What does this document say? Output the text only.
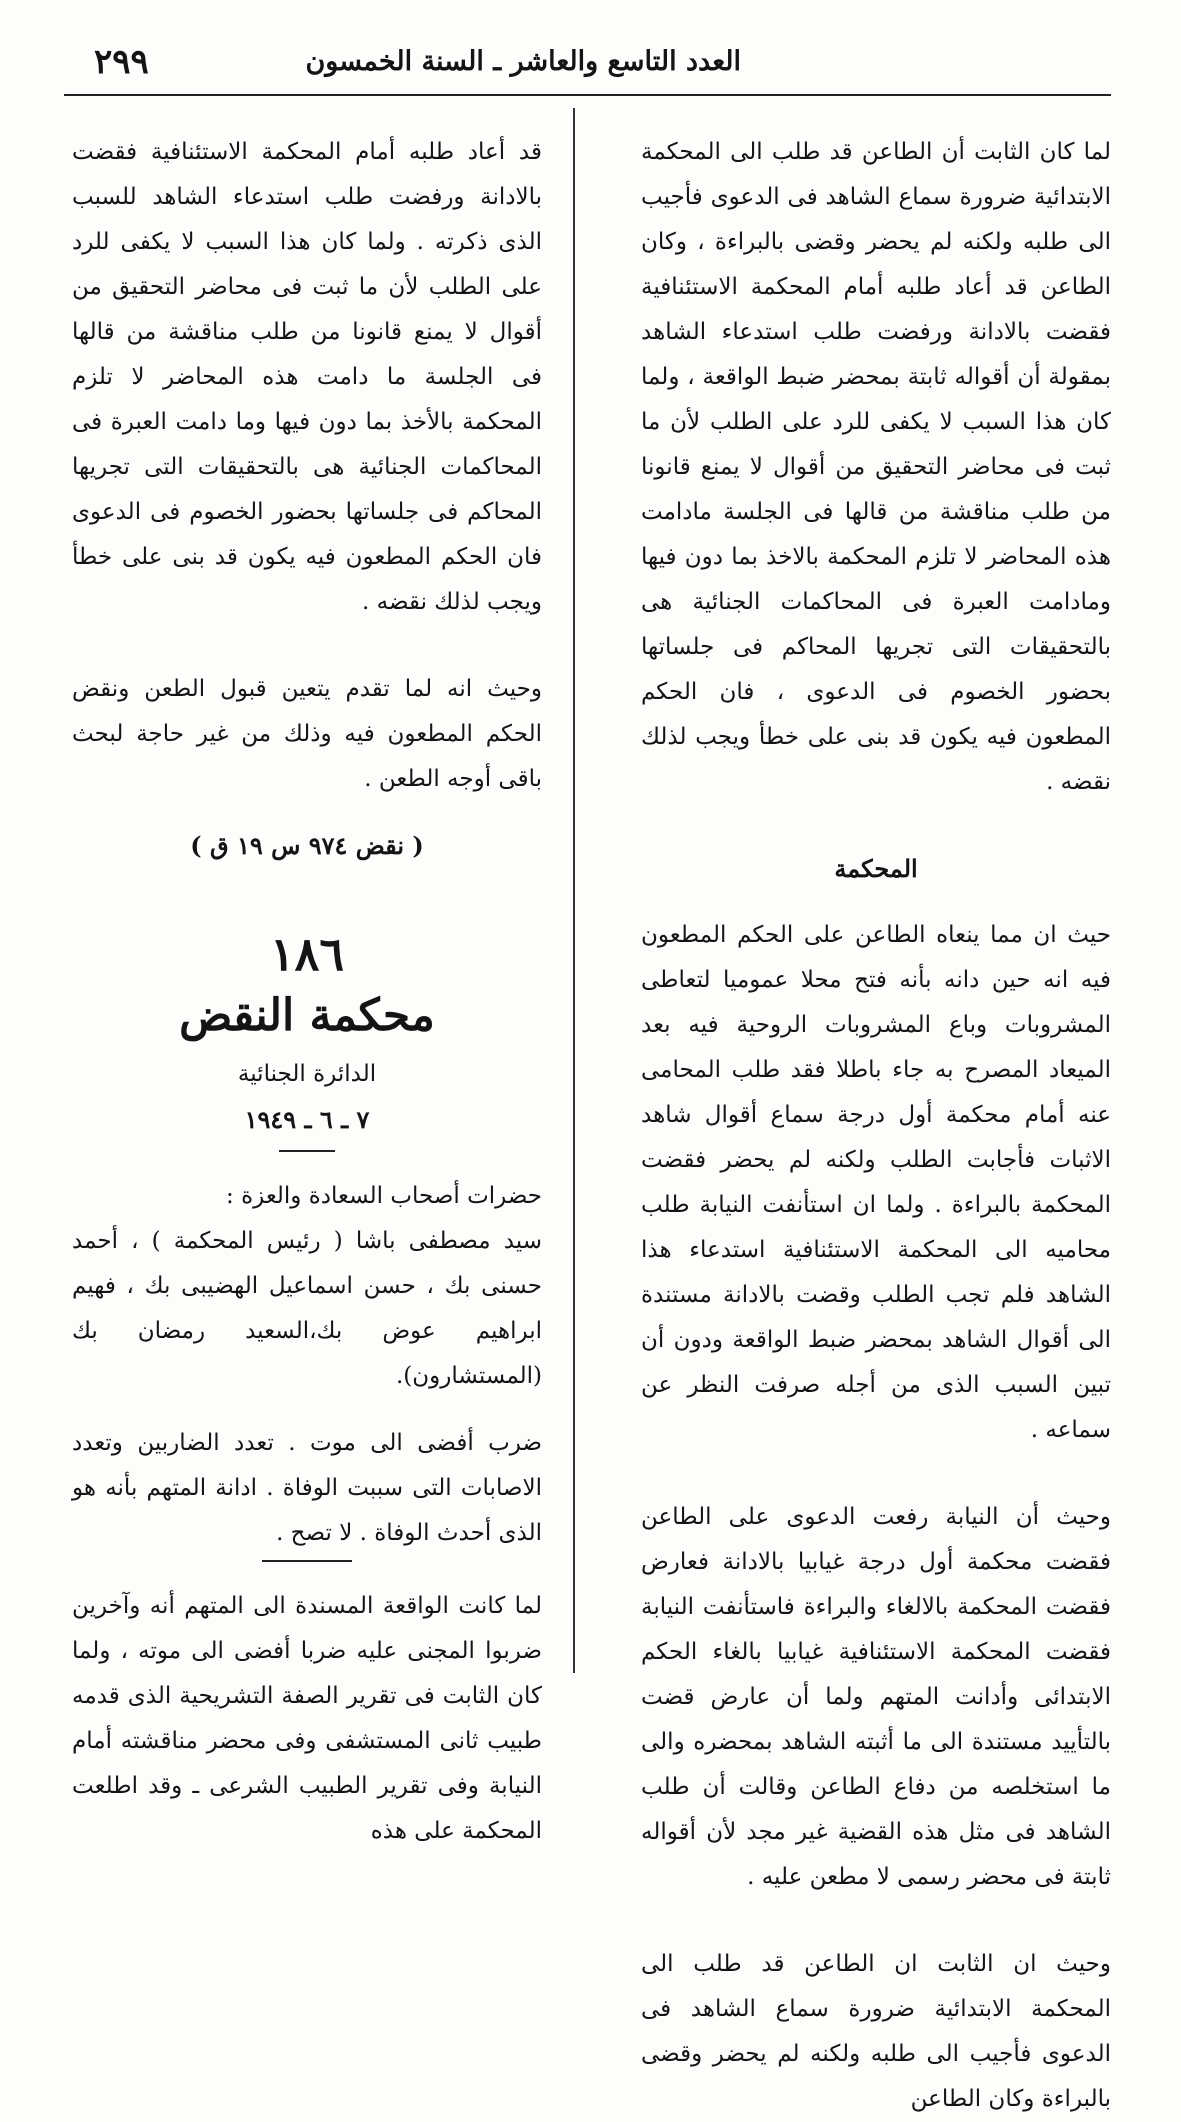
العدد التاسع والعاشر ـ السنة الخمسون
٢٩٩

لما كان الثابت أن الطاعن قد طلب الى المحكمة الابتدائية ضرورة سماع الشاهد فى الدعوى فأجيب الى طلبه ولكنه لم يحضر وقضى بالبراءة ، وكان الطاعن قد أعاد طلبه أمام المحكمة الاستئنافية فقضت بالادانة ورفضت طلب استدعاء الشاهد بمقولة أن أقواله ثابتة بمحضر ضبط الواقعة ، ولما كان هذا السبب لا يكفى للرد على الطلب لأن ما ثبت فى محاضر التحقيق من أقوال لا يمنع قانونا من طلب مناقشة من قالها فى الجلسة مادامت هذه المحاضر لا تلزم المحكمة بالاخذ بما دون فيها ومادامت العبرة فى المحاكمات الجنائية هى بالتحقيقات التى تجريها المحاكم فى جلساتها بحضور الخصوم فى الدعوى ، فان الحكم المطعون فيه يكون قد بنى على خطأ ويجب لذلك نقضه .

المحكمة

حيث ان مما ينعاه الطاعن على الحكم المطعون فيه انه حين دانه بأنه فتح محلا عموميا لتعاطى المشروبات وباع المشروبات الروحية فيه بعد الميعاد المصرح به جاء باطلا فقد طلب المحامى عنه أمام محكمة أول درجة سماع أقوال شاهد الاثبات فأجابت الطلب ولكنه لم يحضر فقضت المحكمة بالبراءة . ولما ان استأنفت النيابة طلب محاميه الى المحكمة الاستئنافية استدعاء هذا الشاهد فلم تجب الطلب وقضت بالادانة مستندة الى أقوال الشاهد بمحضر ضبط الواقعة ودون أن تبين السبب الذى من أجله صرفت النظر عن سماعه .

وحيث أن النيابة رفعت الدعوى على الطاعن فقضت محكمة أول درجة غيابيا بالادانة فعارض فقضت المحكمة بالالغاء والبراءة فاستأنفت النيابة فقضت المحكمة الاستئنافية غيابيا بالغاء الحكم الابتدائى وأدانت المتهم ولما أن عارض قضت بالتأييد مستندة الى ما أثبته الشاهد بمحضره والى ما استخلصه من دفاع الطاعن وقالت أن طلب الشاهد فى مثل هذه القضية غير مجد لأن أقواله ثابتة فى محضر رسمى لا مطعن عليه .

وحيث ان الثابت ان الطاعن قد طلب الى المحكمة الابتدائية ضرورة سماع الشاهد فى الدعوى فأجيب الى طلبه ولكنه لم يحضر وقضى بالبراءة وكان الطاعن

قد أعاد طلبه أمام المحكمة الاستئنافية فقضت بالادانة ورفضت طلب استدعاء الشاهد للسبب الذى ذكرته . ولما كان هذا السبب لا يكفى للرد على الطلب لأن ما ثبت فى محاضر التحقيق من أقوال لا يمنع قانونا من طلب مناقشة من قالها فى الجلسة ما دامت هذه المحاضر لا تلزم المحكمة بالأخذ بما دون فيها وما دامت العبرة فى المحاكمات الجنائية هى بالتحقيقات التى تجريها المحاكم فى جلساتها بحضور الخصوم فى الدعوى فان الحكم المطعون فيه يكون قد بنى على خطأ ويجب لذلك نقضه .

وحيث انه لما تقدم يتعين قبول الطعن ونقض الحكم المطعون فيه وذلك من غير حاجة لبحث باقى أوجه الطعن .

( نقض ٩٧٤ س ١٩ ق )

١٨٦

محكمة النقض

الدائرة الجنائية

٧ ـ ٦ ـ ١٩٤٩

حضرات أصحاب السعادة والعزة :

سيد مصطفى باشا ( رئيس المحكمة ) ، أحمد حسنى بك ، حسن اسماعيل الهضيبى بك ، فهيم ابراهيم عوض بك،السعيد رمضان بك (المستشارون).

ضرب أفضى الى موت . تعدد الضاربين وتعدد الاصابات التى سببت الوفاة . ادانة المتهم بأنه هو الذى أحدث الوفاة . لا تصح .

لما كانت الواقعة المسندة الى المتهم أنه وآخرين ضربوا المجنى عليه ضربا أفضى الى موته ، ولما كان الثابت فى تقرير الصفة التشريحية الذى قدمه طبيب ثانى المستشفى وفى محضر مناقشته أمام النيابة وفى تقرير الطبيب الشرعى ـ وقد اطلعت المحكمة على هذه
